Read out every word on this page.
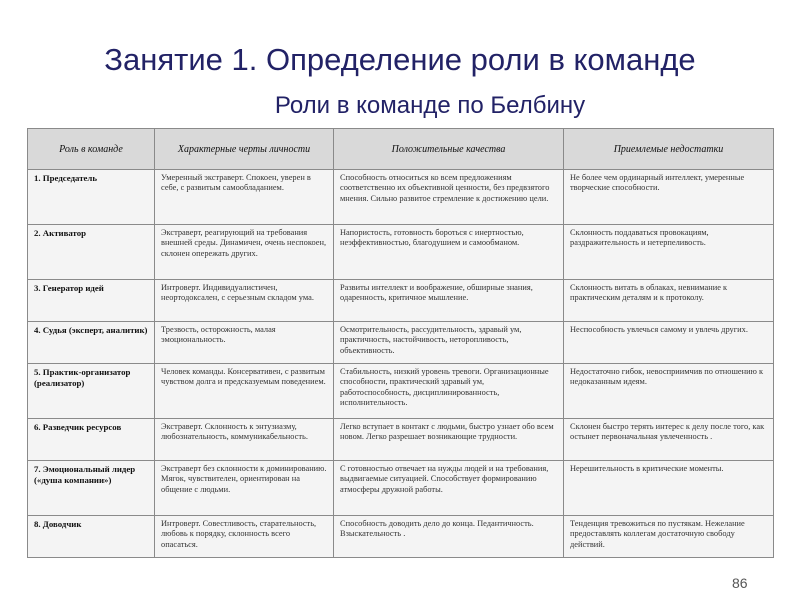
Занятие 1. Определение роли в команде
Роли в команде по Белбину
Роль в команде	Характерные черты личности	Положительные качества	Приемлемые недостатки
1. Председатель	Умеренный экстраверт. Спокоен, уверен в себе, с развитым самообладанием.	Способность относиться ко всем предложениям соответственно их объективной ценности, без предвзятого мнения. Сильно развитое стремление к достижению цели.	Не более чем ординарный интеллект, умеренные творческие способности.
2. Активатор	Экстраверт, реагирующий на требования внешней среды. Динамичен, очень неспокоен, склонен опережать других.	Напористость, готовность бороться с инертностью, неэффективностью, благодушием и самообманом.	Склонность поддаваться провокациям, раздражительность и нетерпеливость.
3. Генератор идей	Интроверт. Индивидуалистичен, неортодоксален, с серьезным складом ума.	Развиты интеллект и воображение, обширные знания, одаренность, критичное мышление.	Склонность витать в облаках, невнимание к практическим деталям и к протоколу.
4. Судья (эксперт, аналитик)	Трезвость, осторожность, малая эмоциональность.	Осмотрительность, рассудительность, здравый ум, практичность, настойчивость, неторопливость, объективность.	Неспособность увлечься самому и увлечь других.
5. Практик-организатор (реализатор)	Человек команды. Консервативен, с развитым чувством долга и предсказуемым поведением.	Стабильность, низкий уровень тревоги. Организационные способности, практический здравый ум, работоспособность, дисциплинированность, исполнительность.	Недостаточно гибок, невосприимчив по отношению к недоказанным идеям.
6. Разведчик ресурсов	Экстраверт. Склонность к энтузиазму, любознательность, коммуникабельность.	Легко вступает в контакт с людьми, быстро узнает обо всем новом. Легко разрешает возникающие трудности.	Склонен быстро терять интерес к делу после того, как остынет первоначальная увлеченность .
7. Эмоциональный лидер («душа компании»)	Экстраверт без склонности к доминированию. Мягок, чувствителен, ориентирован на общение с людьми.	С готовностью отвечает на нужды людей и на требования, выдвигаемые ситуацией. Способствует формированию атмосферы дружной работы.	Нерешительность в критические моменты.
8. Доводчик	Интроверт. Совестливость, старательность, любовь к порядку, склонность всего опасаться.	Способность доводить дело до конца. Педантичность. Взыскательность .	Тенденция тревожиться по пустякам. Нежелание предоставлять коллегам достаточную свободу действий.
86
